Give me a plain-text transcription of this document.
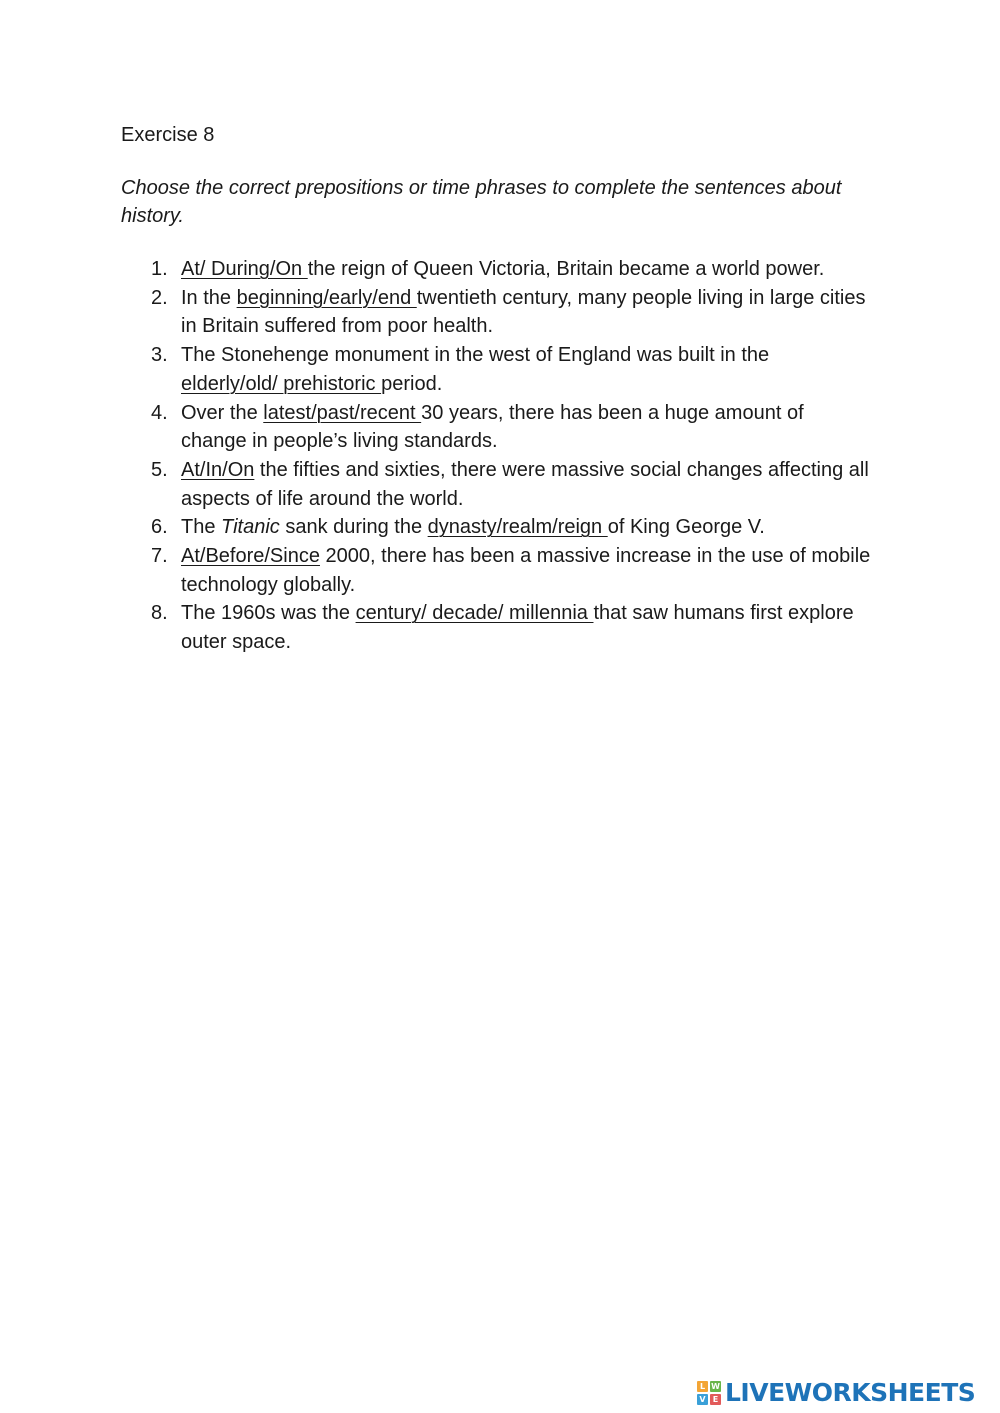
Exercise 8

Choose the correct prepositions or time phrases to complete the sentences about history.

1. At/ During/On the reign of Queen Victoria, Britain became a world power.
2. In the beginning/early/end twentieth century, many people living in large cities in Britain suffered from poor health.
3. The Stonehenge monument in the west of England was built in the elderly/old/ prehistoric period.
4. Over the latest/past/recent 30 years, there has been a huge amount of change in people’s living standards.
5. At/In/On the fifties and sixties, there were massive social changes affecting all aspects of life around the world.
6. The Titanic sank during the dynasty/realm/reign of King George V.
7. At/Before/Since 2000, there has been a massive increase in the use of mobile technology globally.
8. The 1960s was the century/ decade/ millennia that saw humans first explore outer space.
L W
V E LIVEWORKSHEETS
